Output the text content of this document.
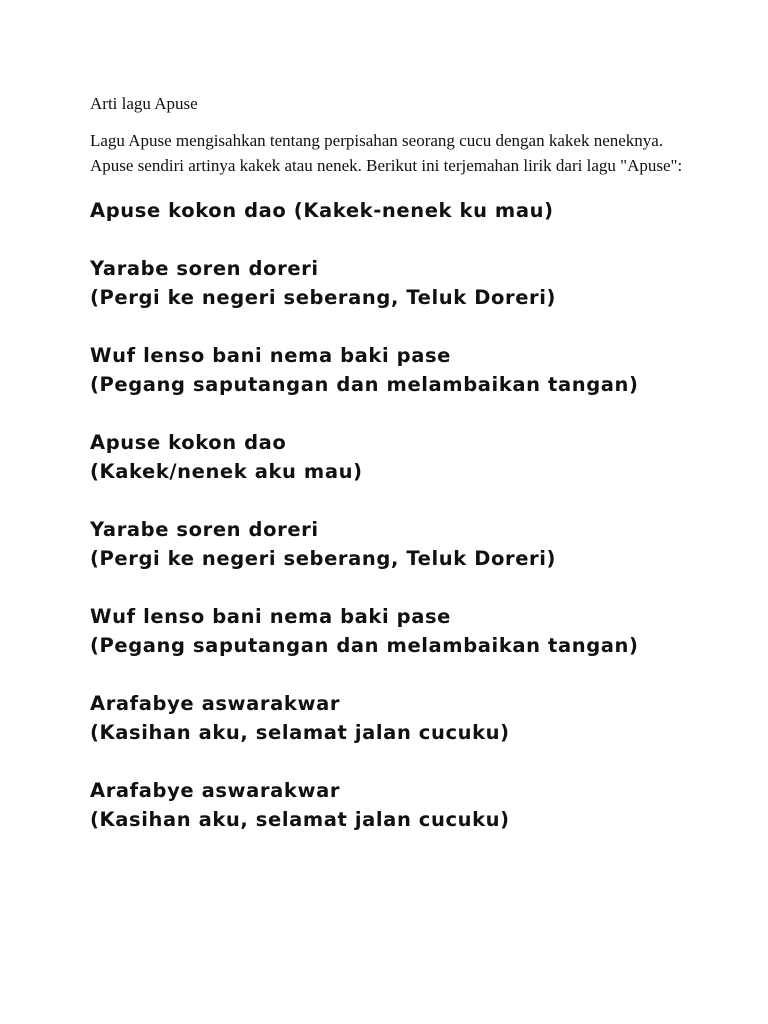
Arti lagu Apuse

Lagu Apuse mengisahkan tentang perpisahan seorang cucu dengan kakek neneknya. Apuse sendiri artinya kakek atau nenek. Berikut ini terjemahan lirik dari lagu "Apuse":

Apuse kokon dao (Kakek-nenek ku mau)
Yarabe soren doreri
(Pergi ke negeri seberang, Teluk Doreri)
Wuf lenso bani nema baki pase
(Pegang saputangan dan melambaikan tangan)
Apuse kokon dao
(Kakek/nenek aku mau)
Yarabe soren doreri
(Pergi ke negeri seberang, Teluk Doreri)
Wuf lenso bani nema baki pase
(Pegang saputangan dan melambaikan tangan)
Arafabye aswarakwar
(Kasihan aku, selamat jalan cucuku)
Arafabye aswarakwar
(Kasihan aku, selamat jalan cucuku)
